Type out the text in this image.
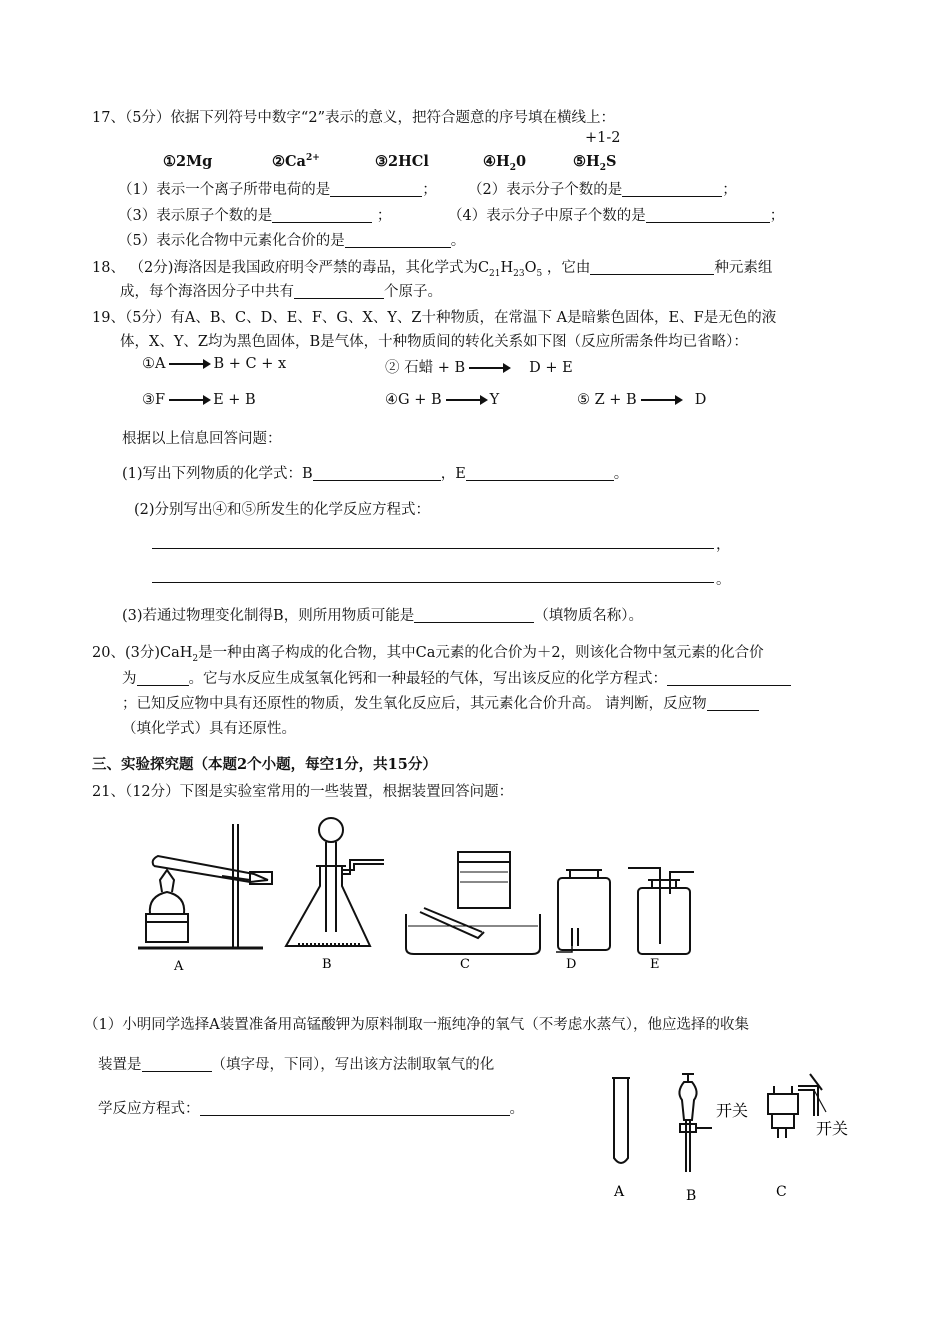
17、（5分）依据下列符号中数字“2”表示的意义，把符合题意的序号填在横线上：
+1-2
①2Mg	$②Ca^{2+}$	③2HCl	$④H_20$	$⑤H_2S$
（1）表示一个离子所带电荷的是	； （2）表示分子个数的是	；
（3）表示原子个数的是	；	（4）表示分子中原子个数的是	；
（5）表示化合物中元素化合价的是	。
18、 （2分)海洛因是我国政府明令严禁的毒品，其化学式为$C_{21}H_{23}O_5$ ，它由	种元素组
成，每个海洛因分子中共有	个原子。
19、（5分）有A、B、C、D、E、F、G、X、Y、Z十种物质，在常温下 A是暗紫色固体，E、F是无色的液
体，X、Y、Z均为黑色固体，B是气体，十种物质间的转化关系如下图（反应所需条件均已省略）：
①A	B + C + x	② 石蜡 + B	D + E
③F	E + B	④G + B	Y	⑤ Z + B	D
根据以上信息回答问题：
(1)写出下列物质的化学式：B	，E	。
(2)分别写出④和⑤所发生的化学反应方程式：
，
。
(3)若通过物理变化制得B，则所用物质可能是	（填物质名称）。
20、(3分)CaH$_2$是一种由离子构成的化合物，其中Ca元素的化合价为＋2，则该化合物中氢元素的化合价
为	。它与水反应生成氢氧化钙和一种最轻的气体，写出该反应的化学方程式：
；已知反应物中具有还原性的物质，发生氧化反应后，其元素化合价升高。 请判断，反应物
（填化学式）具有还原性。
三、实验探究题（本题2个小题，每空1分，共15分）
21、（12分）下图是实验室常用的一些装置，根据装置回答问题：
A	B	C	D	E
（1）小明同学选择A装置准备用高锰酸钾为原料制取一瓶纯净的氧气（不考虑水蒸气），他应选择的收集
装置是	（填字母，下同），写出该方法制取氧气的化
学反应方程式：	。	开关
开关
A	B	C
